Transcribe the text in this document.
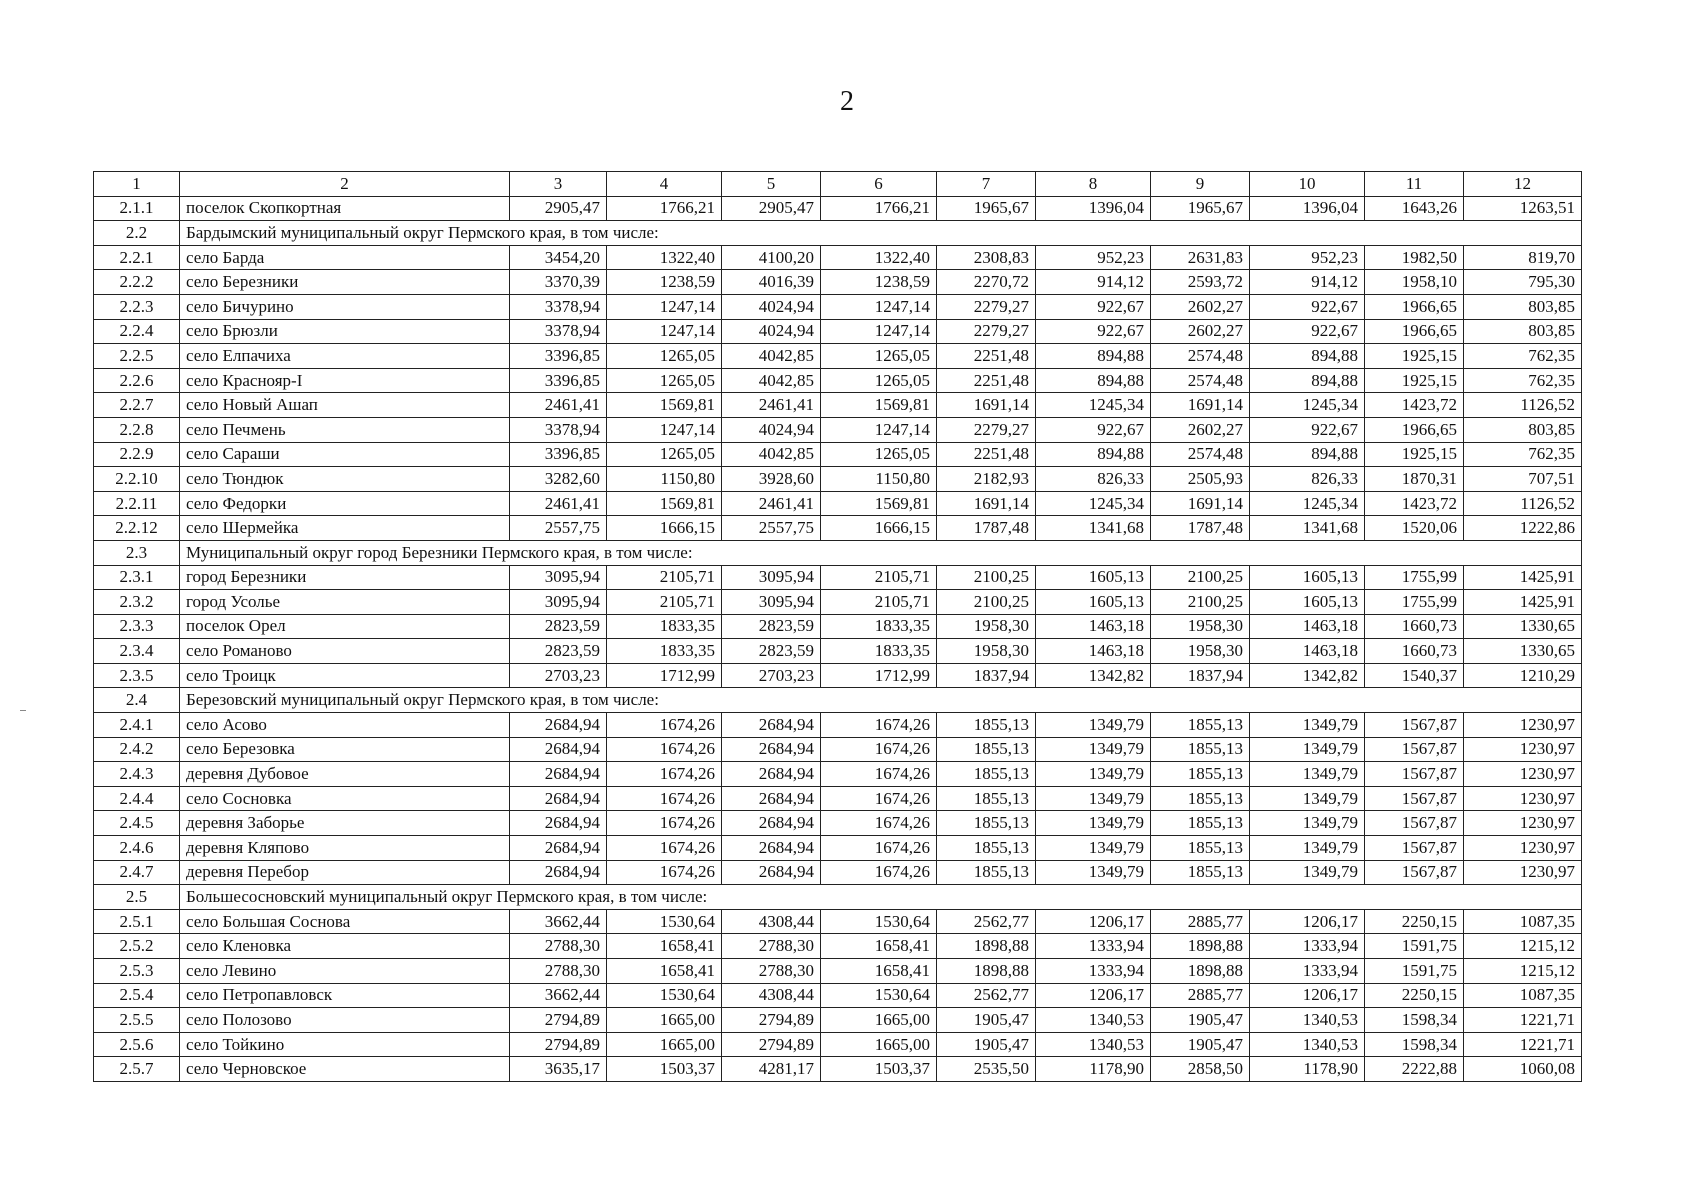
2
1	2	3	4	5	6	7	8	9	10	11	12
2.1.1	поселок Скопкортная	2905,47	1766,21	2905,47	1766,21	1965,67	1396,04	1965,67	1396,04	1643,26	1263,51
2.2	Бардымский муниципальный округ Пермского края, в том числе:										
2.2.1	село Барда	3454,20	1322,40	4100,20	1322,40	2308,83	952,23	2631,83	952,23	1982,50	819,70
2.2.2	село Березники	3370,39	1238,59	4016,39	1238,59	2270,72	914,12	2593,72	914,12	1958,10	795,30
2.2.3	село Бичурино	3378,94	1247,14	4024,94	1247,14	2279,27	922,67	2602,27	922,67	1966,65	803,85
2.2.4	село Брюзли	3378,94	1247,14	4024,94	1247,14	2279,27	922,67	2602,27	922,67	1966,65	803,85
2.2.5	село Елпачиха	3396,85	1265,05	4042,85	1265,05	2251,48	894,88	2574,48	894,88	1925,15	762,35
2.2.6	село Краснояр-I	3396,85	1265,05	4042,85	1265,05	2251,48	894,88	2574,48	894,88	1925,15	762,35
2.2.7	село Новый Ашап	2461,41	1569,81	2461,41	1569,81	1691,14	1245,34	1691,14	1245,34	1423,72	1126,52
2.2.8	село Печмень	3378,94	1247,14	4024,94	1247,14	2279,27	922,67	2602,27	922,67	1966,65	803,85
2.2.9	село Сараши	3396,85	1265,05	4042,85	1265,05	2251,48	894,88	2574,48	894,88	1925,15	762,35
2.2.10	село Тюндюк	3282,60	1150,80	3928,60	1150,80	2182,93	826,33	2505,93	826,33	1870,31	707,51
2.2.11	село Федорки	2461,41	1569,81	2461,41	1569,81	1691,14	1245,34	1691,14	1245,34	1423,72	1126,52
2.2.12	село Шермейка	2557,75	1666,15	2557,75	1666,15	1787,48	1341,68	1787,48	1341,68	1520,06	1222,86
2.3	Муниципальный округ город Березники Пермского края, в том числе:										
2.3.1	город Березники	3095,94	2105,71	3095,94	2105,71	2100,25	1605,13	2100,25	1605,13	1755,99	1425,91
2.3.2	город Усолье	3095,94	2105,71	3095,94	2105,71	2100,25	1605,13	2100,25	1605,13	1755,99	1425,91
2.3.3	поселок Орел	2823,59	1833,35	2823,59	1833,35	1958,30	1463,18	1958,30	1463,18	1660,73	1330,65
2.3.4	село Романово	2823,59	1833,35	2823,59	1833,35	1958,30	1463,18	1958,30	1463,18	1660,73	1330,65
2.3.5	село Троицк	2703,23	1712,99	2703,23	1712,99	1837,94	1342,82	1837,94	1342,82	1540,37	1210,29
2.4	Березовский муниципальный округ Пермского края, в том числе:										
2.4.1	село Асово	2684,94	1674,26	2684,94	1674,26	1855,13	1349,79	1855,13	1349,79	1567,87	1230,97
2.4.2	село Березовка	2684,94	1674,26	2684,94	1674,26	1855,13	1349,79	1855,13	1349,79	1567,87	1230,97
2.4.3	деревня Дубовое	2684,94	1674,26	2684,94	1674,26	1855,13	1349,79	1855,13	1349,79	1567,87	1230,97
2.4.4	село Сосновка	2684,94	1674,26	2684,94	1674,26	1855,13	1349,79	1855,13	1349,79	1567,87	1230,97
2.4.5	деревня Заборье	2684,94	1674,26	2684,94	1674,26	1855,13	1349,79	1855,13	1349,79	1567,87	1230,97
2.4.6	деревня Кляпово	2684,94	1674,26	2684,94	1674,26	1855,13	1349,79	1855,13	1349,79	1567,87	1230,97
2.4.7	деревня Перебор	2684,94	1674,26	2684,94	1674,26	1855,13	1349,79	1855,13	1349,79	1567,87	1230,97
2.5	Большесосновский муниципальный округ Пермского края, в том числе:										
2.5.1	село Большая Соснова	3662,44	1530,64	4308,44	1530,64	2562,77	1206,17	2885,77	1206,17	2250,15	1087,35
2.5.2	село Кленовка	2788,30	1658,41	2788,30	1658,41	1898,88	1333,94	1898,88	1333,94	1591,75	1215,12
2.5.3	село Левино	2788,30	1658,41	2788,30	1658,41	1898,88	1333,94	1898,88	1333,94	1591,75	1215,12
2.5.4	село Петропавловск	3662,44	1530,64	4308,44	1530,64	2562,77	1206,17	2885,77	1206,17	2250,15	1087,35
2.5.5	село Полозово	2794,89	1665,00	2794,89	1665,00	1905,47	1340,53	1905,47	1340,53	1598,34	1221,71
2.5.6	село Тойкино	2794,89	1665,00	2794,89	1665,00	1905,47	1340,53	1905,47	1340,53	1598,34	1221,71
2.5.7	село Черновское	3635,17	1503,37	4281,17	1503,37	2535,50	1178,90	2858,50	1178,90	2222,88	1060,08
